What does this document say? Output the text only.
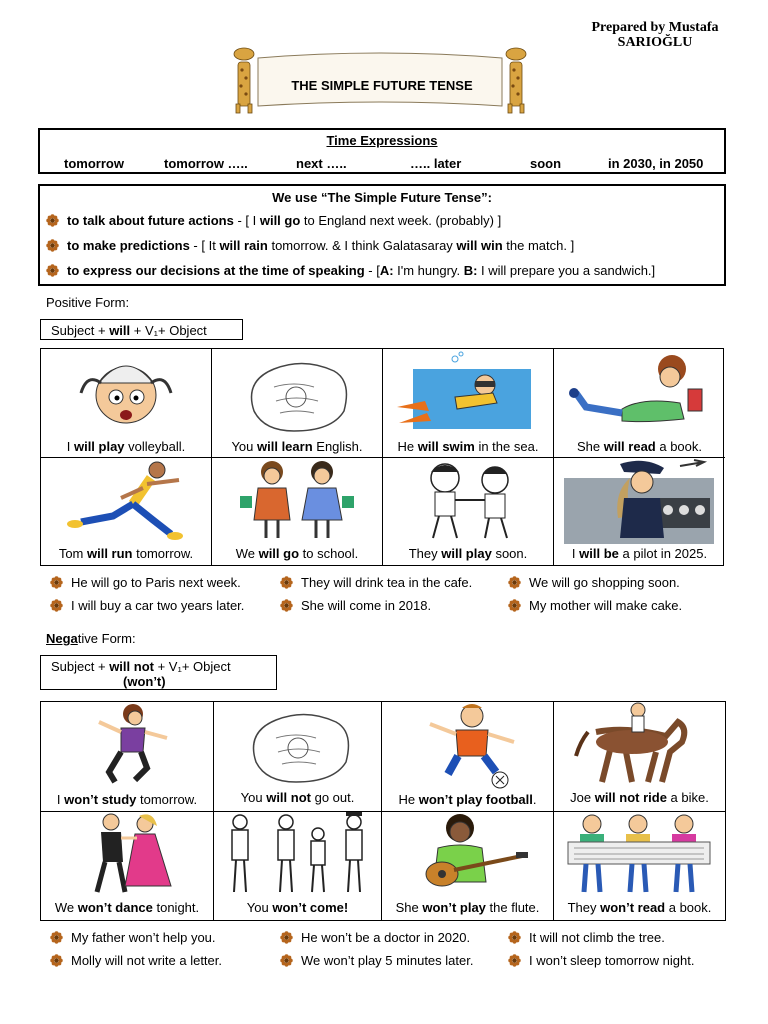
Prepared by Mustafa
SARIOĞLU
THE SIMPLE FUTURE TENSE
Time Expressions
tomorrow	tomorrow …..	next …..	….. later	soon	in 2030, in 2050
We use “The Simple Future Tense”:
to talk about future actions - [ I will go to England next week. (probably) ]
to make predictions - [ It will rain tomorrow. & I think Galatasaray will win the match. ]
to express our decisions at the time of speaking - [A: I'm hungry. B: I will prepare you a sandwich.]
Positive Form:
Subject + will + V₁+ Object
I will play volleyball.	You will learn English.	He will swim in the sea.	She will read a book.
Tom will run tomorrow.	We will go to school.	They will play soon.	I will be a pilot in 2025.
He will go to Paris next week.	They will drink tea in the cafe.	We will go shopping soon.
I will buy a car two years later.	She will come in 2018.	My mother will make cake.
Negative Form:
Subject + will not + V₁+ Object
(won’t)
I won’t study tomorrow.	You will not go out.	He won’t play football.	Joe will not ride a bike.
We won’t dance tonight.	You won’t come!	She won’t play the flute.	They won’t read a book.
My father won’t help you.	He won’t be a doctor in 2020.	It will not climb the tree.
Molly will not write a letter.	We won’t play 5 minutes later.	I won’t sleep tomorrow night.
